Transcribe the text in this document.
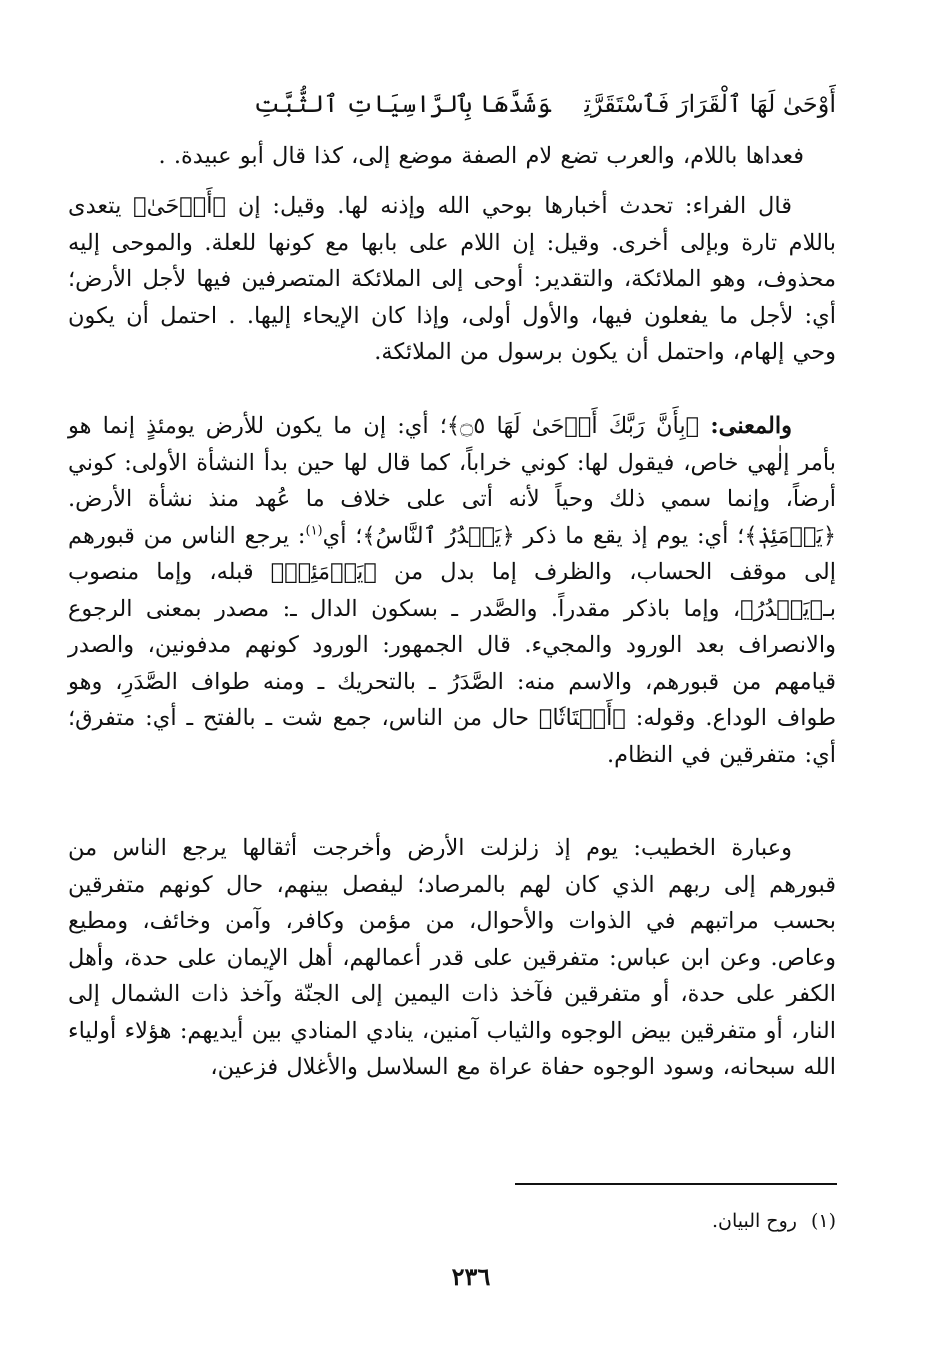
أَوْحَىٰ لَهَا ٱلْقَرَارَ فَٱسْتَقَرَّتِوَشَدَّهَا بِٱلرَّاسِيَاتِ ٱلثُّبَّتِ
فعداها باللام، والعرب تضع لام الصفة موضع إلى، كذا قال أبو عبيدة. .
قال الفراء: تحدث أخبارها بوحي الله وإذنه لها. وقيل: إن ﴿أَوۡحَىٰ﴾ يتعدى باللام تارة وبإلى أخرى. وقيل: إن اللام على بابها مع كونها للعلة. والموحى إليه محذوف، وهو الملائكة، والتقدير: أوحى إلى الملائكة المتصرفين فيها لأجل الأرض؛ أي: لأجل ما يفعلون فيها، والأول أولى، وإذا كان الإيحاء إليها. . احتمل أن يكون وحي إلهام، واحتمل أن يكون برسول من الملائكة.
والمعنى: ﴿بِأَنَّ رَبَّكَ أَوۡحَىٰ لَهَا ۝٥﴾؛ أي: إن ما يكون للأرض يومئذٍ إنما هو بأمر إلٰهي خاص، فيقول لها: كوني خراباً، كما قال لها حين بدأ النشأة الأولى: كوني أرضاً، وإنما سمي ذلك وحياً لأنه أتى على خلاف ما عُهد منذ نشأة الأرض. ﴿يَوۡمَئِذٖ﴾؛ أي: يوم إذ يقع ما ذكر ﴿يَصۡدُرُ ٱلنَّاسُ﴾؛ أي$^{(١)}$: يرجع الناس من قبورهم إلى موقف الحساب، والظرف إما بدل من ﴿يَوۡمَئِذٖ﴾ قبله، وإما منصوب بـ﴿يَصۡدُرُ﴾، وإما باذكر مقدراً. والصَّدر ـ بسكون الدال ـ: مصدر بمعنى الرجوع والانصراف بعد الورود والمجيء. قال الجمهور: الورود كونهم مدفونين، والصدر قيامهم من قبورهم، والاسم منه: الصَّدَرُ ـ بالتحريك ـ ومنه طواف الصَّدَرِ، وهو طواف الوداع. وقوله: ﴿أَشۡتَاتٗا﴾ حال من الناس، جمع شت ـ بالفتح ـ أي: متفرق؛ أي: متفرقين في النظام.
وعبارة الخطيب: يوم إذ زلزلت الأرض وأخرجت أثقالها يرجع الناس من قبورهم إلى ربهم الذي كان لهم بالمرصاد؛ ليفصل بينهم، حال كونهم متفرقين بحسب مراتبهم في الذوات والأحوال، من مؤمن وكافر، وآمن وخائف، ومطيع وعاص. وعن ابن عباس: متفرقين على قدر أعمالهم، أهل الإيمان على حدة، وأهل الكفر على حدة، أو متفرقين فآخذ ذات اليمين إلى الجنّة وآخذ ذات الشمال إلى النار، أو متفرقين بيض الوجوه والثياب آمنين، ينادي المنادي بين أيديهم: هؤلاء أولياء الله سبحانه، وسود الوجوه حفاة عراة مع السلاسل والأغلال فزعين،
(١)روح البيان.
٢٣٦
